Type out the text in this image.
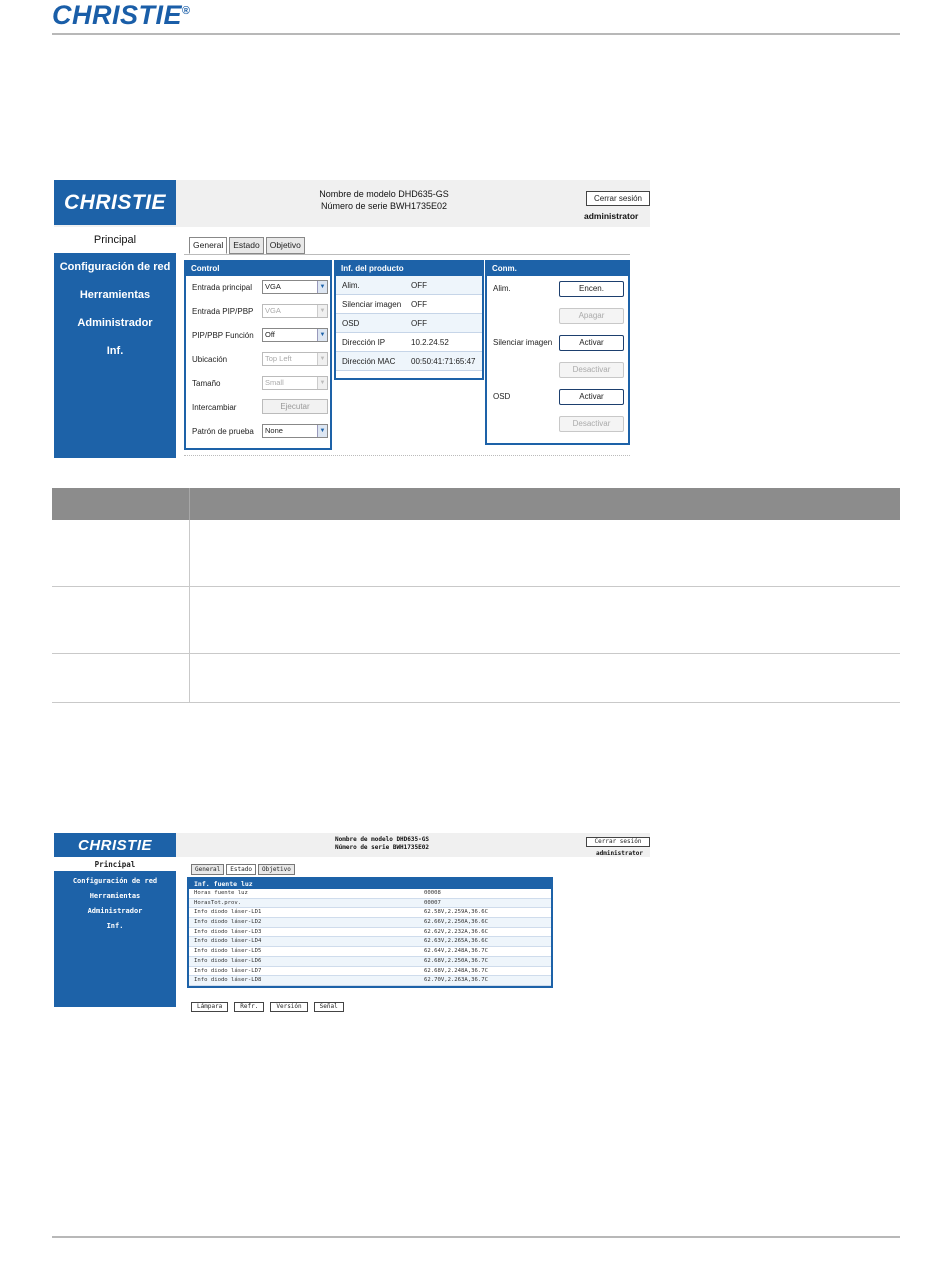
CHRISTIE®
CHRISTIE	Nombre de modelo DHD635-GS
Número de serie BWH1735E02
Cerrar sesión
administrator
Principal
Configuración de red
Herramientas
Administrador
Inf.
General	Estado	Objetivo
Control
Entrada principal	VGA	▼
Entrada PIP/PBP	VGA	▼
PIP/PBP Función	Off	▼
Ubicación	Top Left	▼
Tamaño	Small	▼
Intercambiar	Ejecutar
Patrón de prueba	None	▼
Inf. del producto
Alim.	OFF
Silenciar imagen OFF
OSD	OFF
Dirección IP	10.2.24.52
Dirección MAC 00:50:41:71:65:47
Conm.
Alim.	Encen.
Apagar
Silenciar imagen	Activar
Desactivar
OSD	Activar
Desactivar
CHRISTIE	Nombre de modelo DHD635-GS
Número de serie BWH1735E02
Cerrar sesión
administrator
Principal
Configuración de red
Herramientas
Administrador
Inf.
General	Estado	Objetivo
Inf. fuente luz
Horas fuente luz	00008
HorasTot.prov.	00007
Info diodo láser-LD1	62.58V,2.259A,36.6C
Info diodo láser-LD2	62.66V,2.250A,36.6C
Info diodo láser-LD3	62.62V,2.232A,36.6C
Info diodo láser-LD4	62.63V,2.265A,36.6C
Info diodo láser-LD5	62.64V,2.248A,36.7C
Info diodo láser-LD6	62.68V,2.250A,36.7C
Info diodo láser-LD7	62.68V,2.248A,36.7C
Info diodo láser-LD8	62.70V,2.263A,36.7C
Lámpara	Refr.	Versión	Señal
